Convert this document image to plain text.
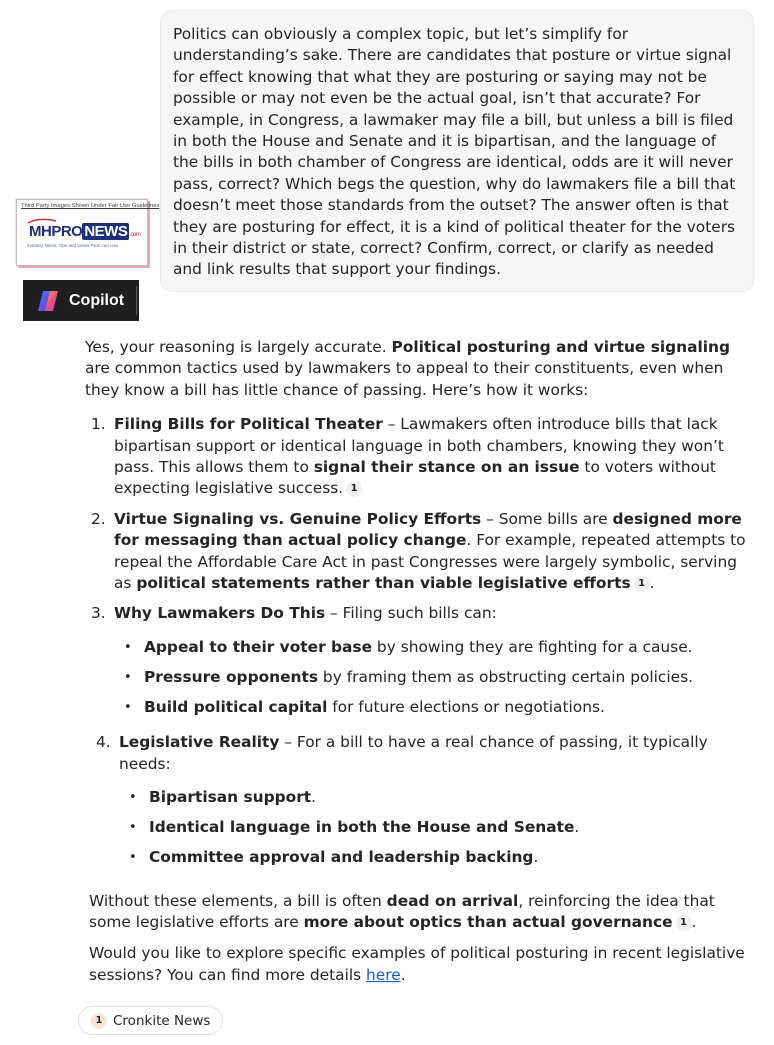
Politics can obviously a complex topic, but let’s simplify for understanding’s sake. There are candidates that posture or virtue signal for effect knowing that what they are posturing or saying may not be possible or may not even be the actual goal, isn’t that accurate? For example, in Congress, a lawmaker may file a bill, but unless a bill is filed in both the House and Senate and it is bipartisan, and the language of the bills in both chamber of Congress are identical, odds are it will never pass, correct? Which begs the question, why do lawmakers file a bill that doesn’t meet those standards from the outset? The answer often is that they are posturing for effect, it is a kind of political theater for the voters in their district or state, correct? Confirm, correct, or clarify as needed and link results that support your findings.
Third Party Images Shown Under Fair Use Guidelines
MHPRO NEWS .com
Industry News, Tips and Views Pros can Use
Copilot

Yes, your reasoning is largely accurate. Political posturing and virtue signaling are common tactics used by lawmakers to appeal to their constituents, even when they know a bill has little chance of passing. Here’s how it works:

1. Filing Bills for Political Theater – Lawmakers often introduce bills that lack bipartisan support or identical language in both chambers, knowing they won’t pass. This allows them to signal their stance on an issue to voters without expecting legislative success. 1
2. Virtue Signaling vs. Genuine Policy Efforts – Some bills are designed more for messaging than actual policy change. For example, repeated attempts to repeal the Affordable Care Act in past Congresses were largely symbolic, serving as political statements rather than viable legislative efforts 1 .
3. Why Lawmakers Do This – Filing such bills can:
• Appeal to their voter base by showing they are fighting for a cause.
• Pressure opponents by framing them as obstructing certain policies.
• Build political capital for future elections or negotiations.
4. Legislative Reality – For a bill to have a real chance of passing, it typically needs:
• Bipartisan support.
• Identical language in both the House and Senate.
• Committee approval and leadership backing.

Without these elements, a bill is often dead on arrival, reinforcing the idea that some legislative efforts are more about optics than actual governance 1 .

Would you like to explore specific examples of political posturing in recent legislative sessions? You can find more details here.

1 Cronkite News
